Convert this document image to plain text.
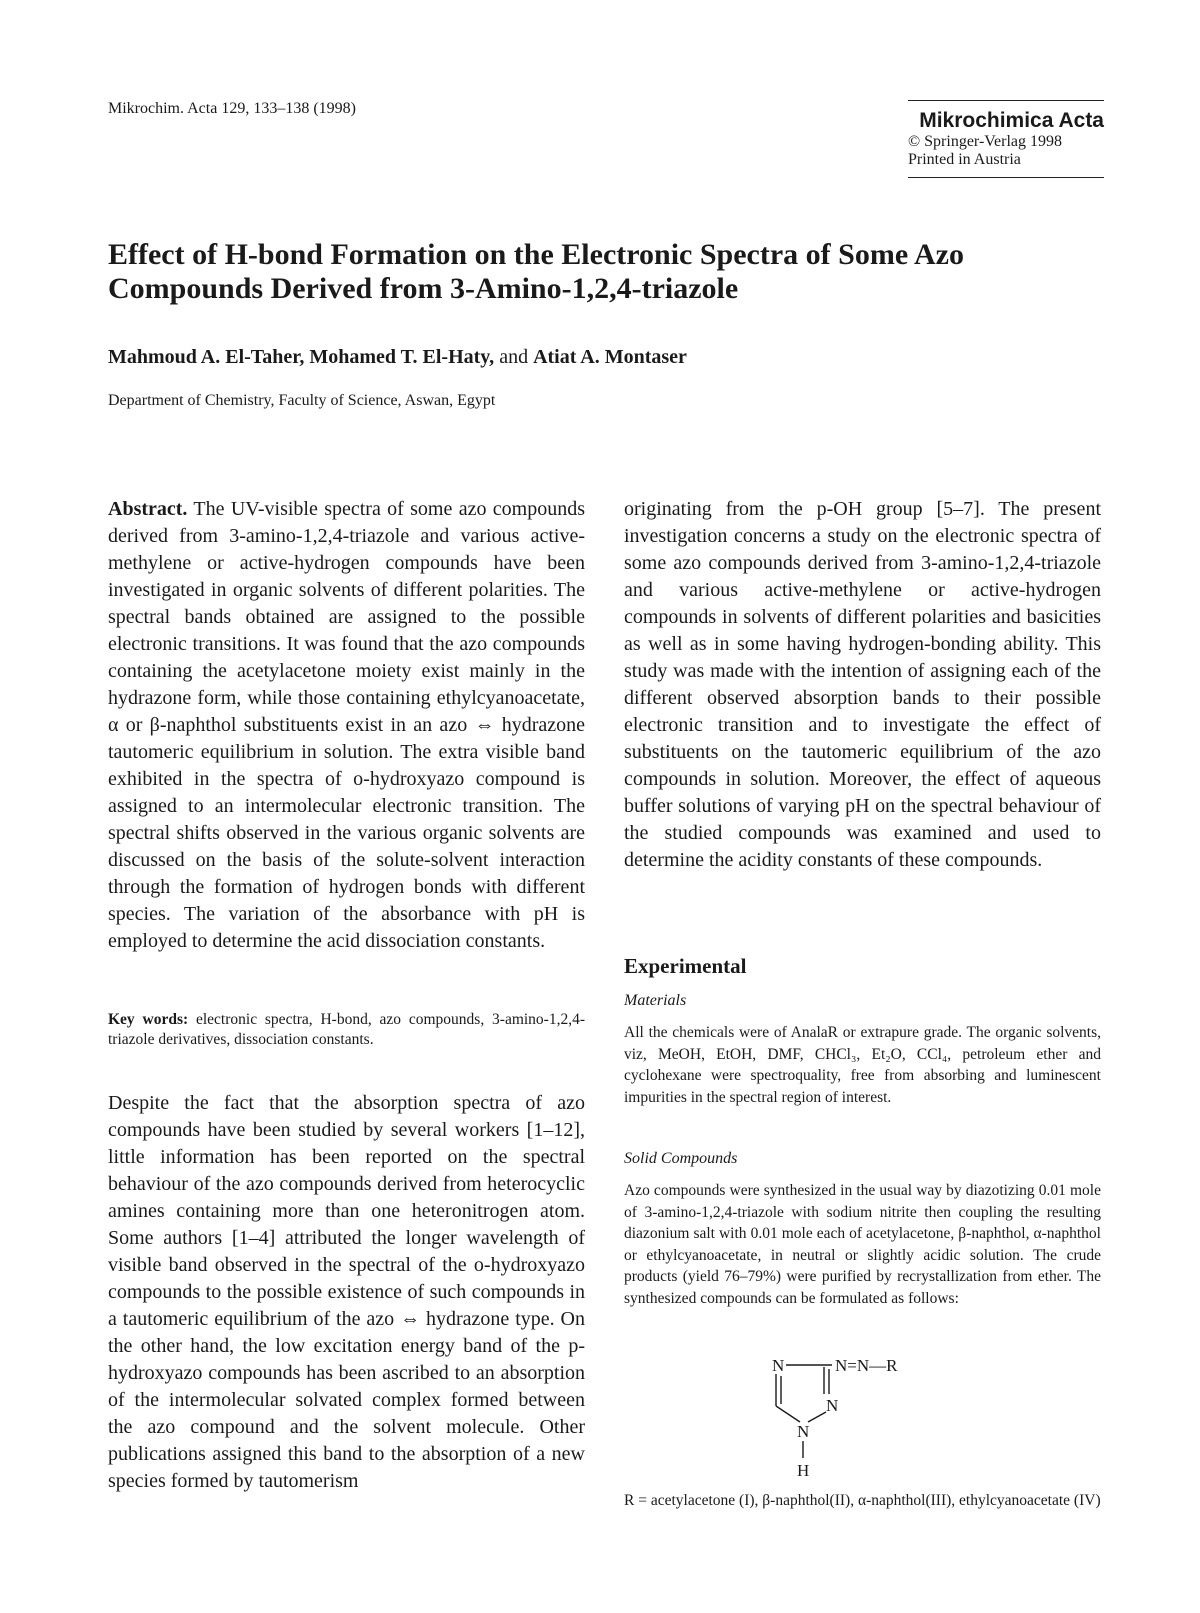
Mikrochim. Acta 129, 133–138 (1998)
Mikrochimica Acta
© Springer-Verlag 1998
Printed in Austria
Effect of H-bond Formation on the Electronic Spectra of Some Azo Compounds Derived from 3-Amino-1,2,4-triazole
Mahmoud A. El-Taher, Mohamed T. El-Haty, and Atiat A. Montaser
Department of Chemistry, Faculty of Science, Aswan, Egypt

Abstract. The UV-visible spectra of some azo compounds derived from 3-amino-1,2,4-triazole and various active-methylene or active-hydrogen compounds have been investigated in organic solvents of different polarities. The spectral bands obtained are assigned to the possible electronic transitions. It was found that the azo compounds containing the acetylacetone moiety exist mainly in the hydrazone form, while those containing ethylcyanoacetate, α or β-naphthol substituents exist in an azo ⇔ hydrazone tautomeric equilibrium in solution. The extra visible band exhibited in the spectra of o-hydroxyazo compound is assigned to an intermolecular electronic transition. The spectral shifts observed in the various organic solvents are discussed on the basis of the solute-solvent interaction through the formation of hydrogen bonds with different species. The variation of the absorbance with pH is employed to determine the acid dissociation constants.

Key words: electronic spectra, H-bond, azo compounds, 3-amino-1,2,4-triazole derivatives, dissociation constants.

Despite the fact that the absorption spectra of azo compounds have been studied by several workers [1–12], little information has been reported on the spectral behaviour of the azo compounds derived from heterocyclic amines containing more than one heteronitrogen atom. Some authors [1–4] attributed the longer wavelength of visible band observed in the spectral of the o-hydroxyazo compounds to the possible existence of such compounds in a tautomeric equilibrium of the azo ⇔ hydrazone type. On the other hand, the low excitation energy band of the p-hydroxyazo compounds has been ascribed to an absorption of the intermolecular solvated complex formed between the azo compound and the solvent molecule. Other publications assigned this band to the absorption of a new species formed by tautomerism

originating from the p-OH group [5–7]. The present investigation concerns a study on the electronic spectra of some azo compounds derived from 3-amino-1,2,4-triazole and various active-methylene or active-hydrogen compounds in solvents of different polarities and basicities as well as in some having hydrogen-bonding ability. This study was made with the intention of assigning each of the different observed absorption bands to their possible electronic transition and to investigate the effect of substituents on the tautomeric equilibrium of the azo compounds in solution. Moreover, the effect of aqueous buffer solutions of varying pH on the spectral behaviour of the studied compounds was examined and used to determine the acidity constants of these compounds.

Experimental
Materials

All the chemicals were of AnalaR or extrapure grade. The organic solvents, viz, MeOH, EtOH, DMF, CHCl₃, Et₂O, CCl₄, petroleum ether and cyclohexane were spectroquality, free from absorbing and luminescent impurities in the spectral region of interest.

Solid Compounds

Azo compounds were synthesized in the usual way by diazotizing 0.01 mole of 3-amino-1,2,4-triazole with sodium nitrite then coupling the resulting diazonium salt with 0.01 mole each of acetylacetone, β-naphthol, α-naphthol or ethylcyanoacetate, in neutral or slightly acidic solution. The crude products (yield 76–79%) were purified by recrystallization from ether. The synthesized compounds can be formulated as follows:

N	N=N—R
N
N
H
R = acetylacetone (I), β-naphthol(II), α-naphthol(III), ethylcyanoacetate (IV)
